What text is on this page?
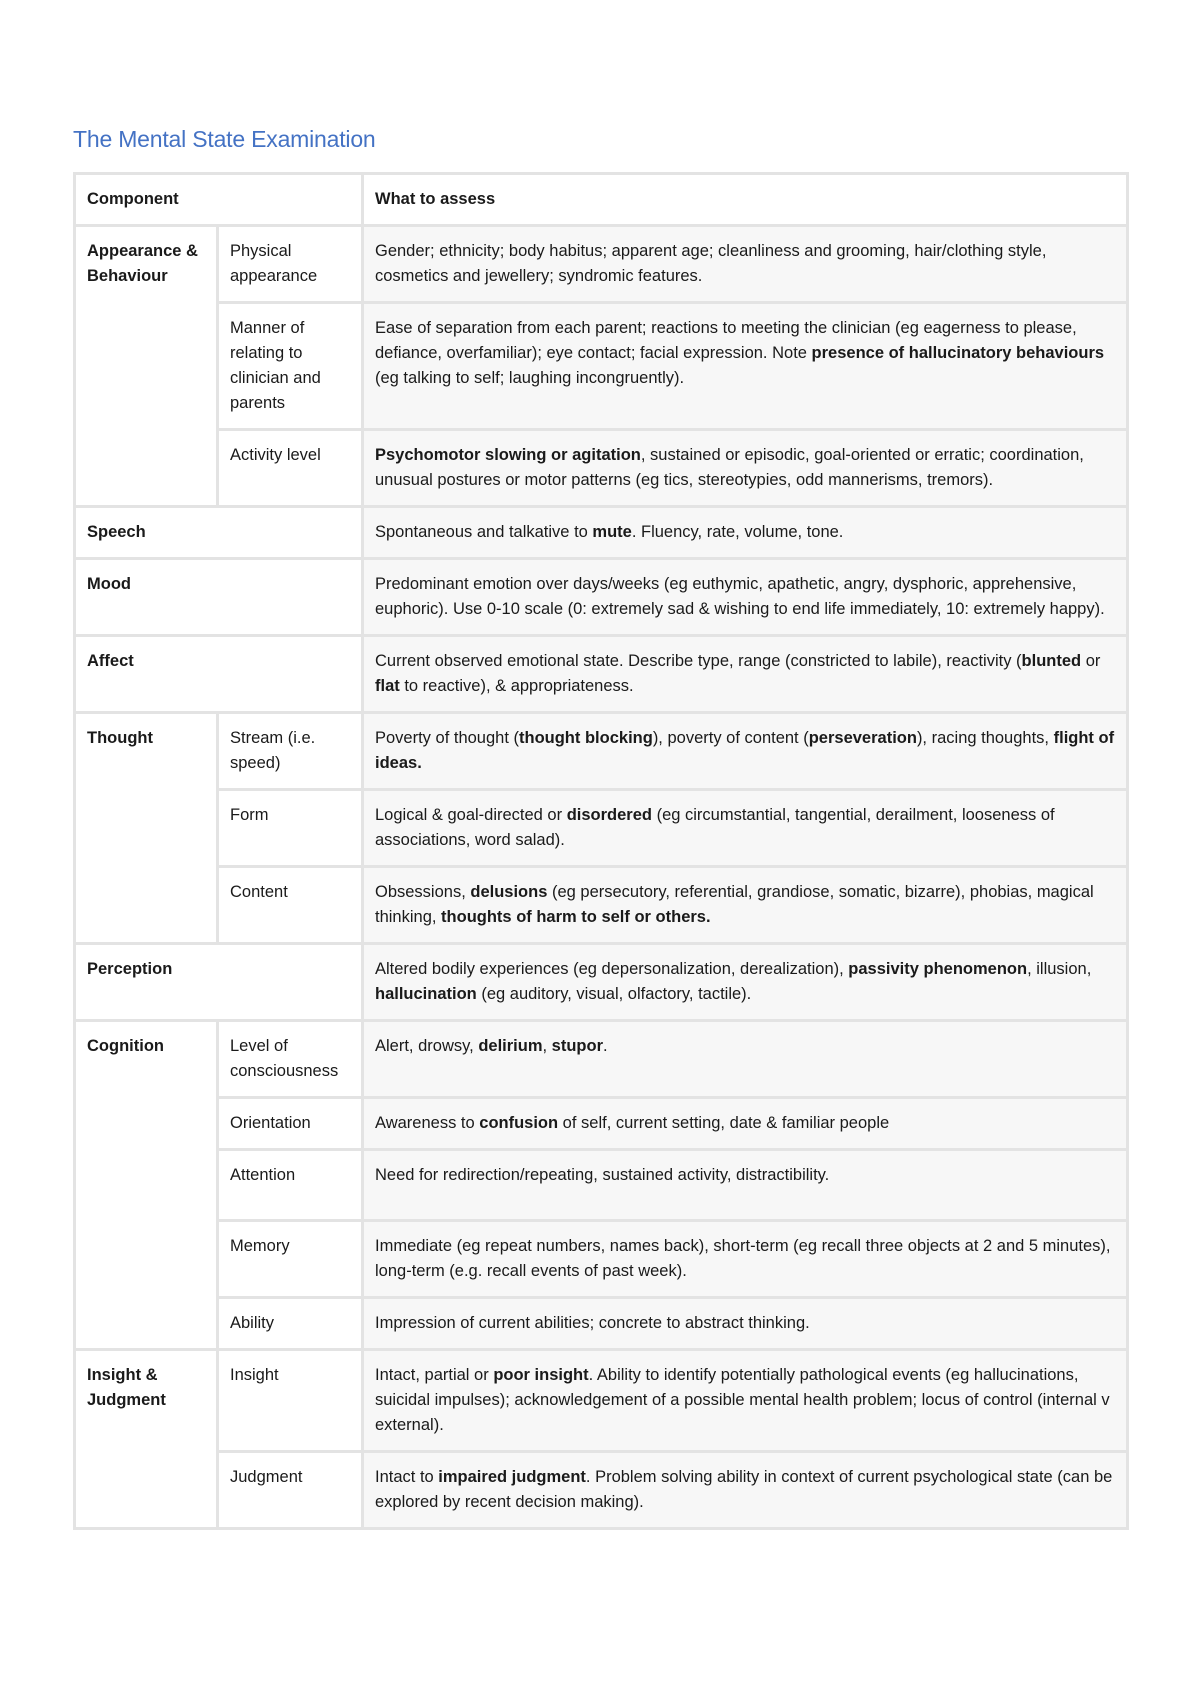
The Mental State Examination
Component		What to assess
Appearance & Behaviour	Physical appearance	Gender; ethnicity; body habitus; apparent age; cleanliness and grooming, hair/clothing style, cosmetics and jewellery; syndromic features.
	Manner of relating to clinician and parents	Ease of separation from each parent; reactions to meeting the clinician (eg eagerness to please, defiance, overfamiliar); eye contact; facial expression. Note presence of hallucinatory behaviours (eg talking to self; laughing incongruently).
	Activity level	Psychomotor slowing or agitation, sustained or episodic, goal-oriented or erratic; coordination, unusual postures or motor patterns (eg tics, stereotypies, odd mannerisms, tremors).
Speech		Spontaneous and talkative to mute. Fluency, rate, volume, tone.
Mood		Predominant emotion over days/weeks (eg euthymic, apathetic, angry, dysphoric, apprehensive, euphoric). Use 0-10 scale (0: extremely sad & wishing to end life immediately, 10: extremely happy).
Affect		Current observed emotional state. Describe type, range (constricted to labile), reactivity (blunted or flat to reactive), & appropriateness.
Thought	Stream (i.e. speed)	Poverty of thought (thought blocking), poverty of content (perseveration), racing thoughts, flight of ideas.
	Form	Logical & goal-directed or disordered (eg circumstantial, tangential, derailment, looseness of associations, word salad).
	Content	Obsessions, delusions (eg persecutory, referential, grandiose, somatic, bizarre), phobias, magical thinking, thoughts of harm to self or others.
Perception		Altered bodily experiences (eg depersonalization, derealization), passivity phenomenon, illusion, hallucination (eg auditory, visual, olfactory, tactile).
Cognition	Level of consciousness	Alert, drowsy, delirium, stupor.
	Orientation	Awareness to confusion of self, current setting, date & familiar people
	Attention	Need for redirection/repeating, sustained activity, distractibility.
	Memory	Immediate (eg repeat numbers, names back), short-term (eg recall three objects at 2 and 5 minutes), long-term (e.g. recall events of past week).
	Ability	Impression of current abilities; concrete to abstract thinking.
Insight & Judgment	Insight	Intact, partial or poor insight. Ability to identify potentially pathological events (eg hallucinations, suicidal impulses); acknowledgement of a possible mental health problem; locus of control (internal v external).
	Judgment	Intact to impaired judgment. Problem solving ability in context of current psychological state (can be explored by recent decision making).
